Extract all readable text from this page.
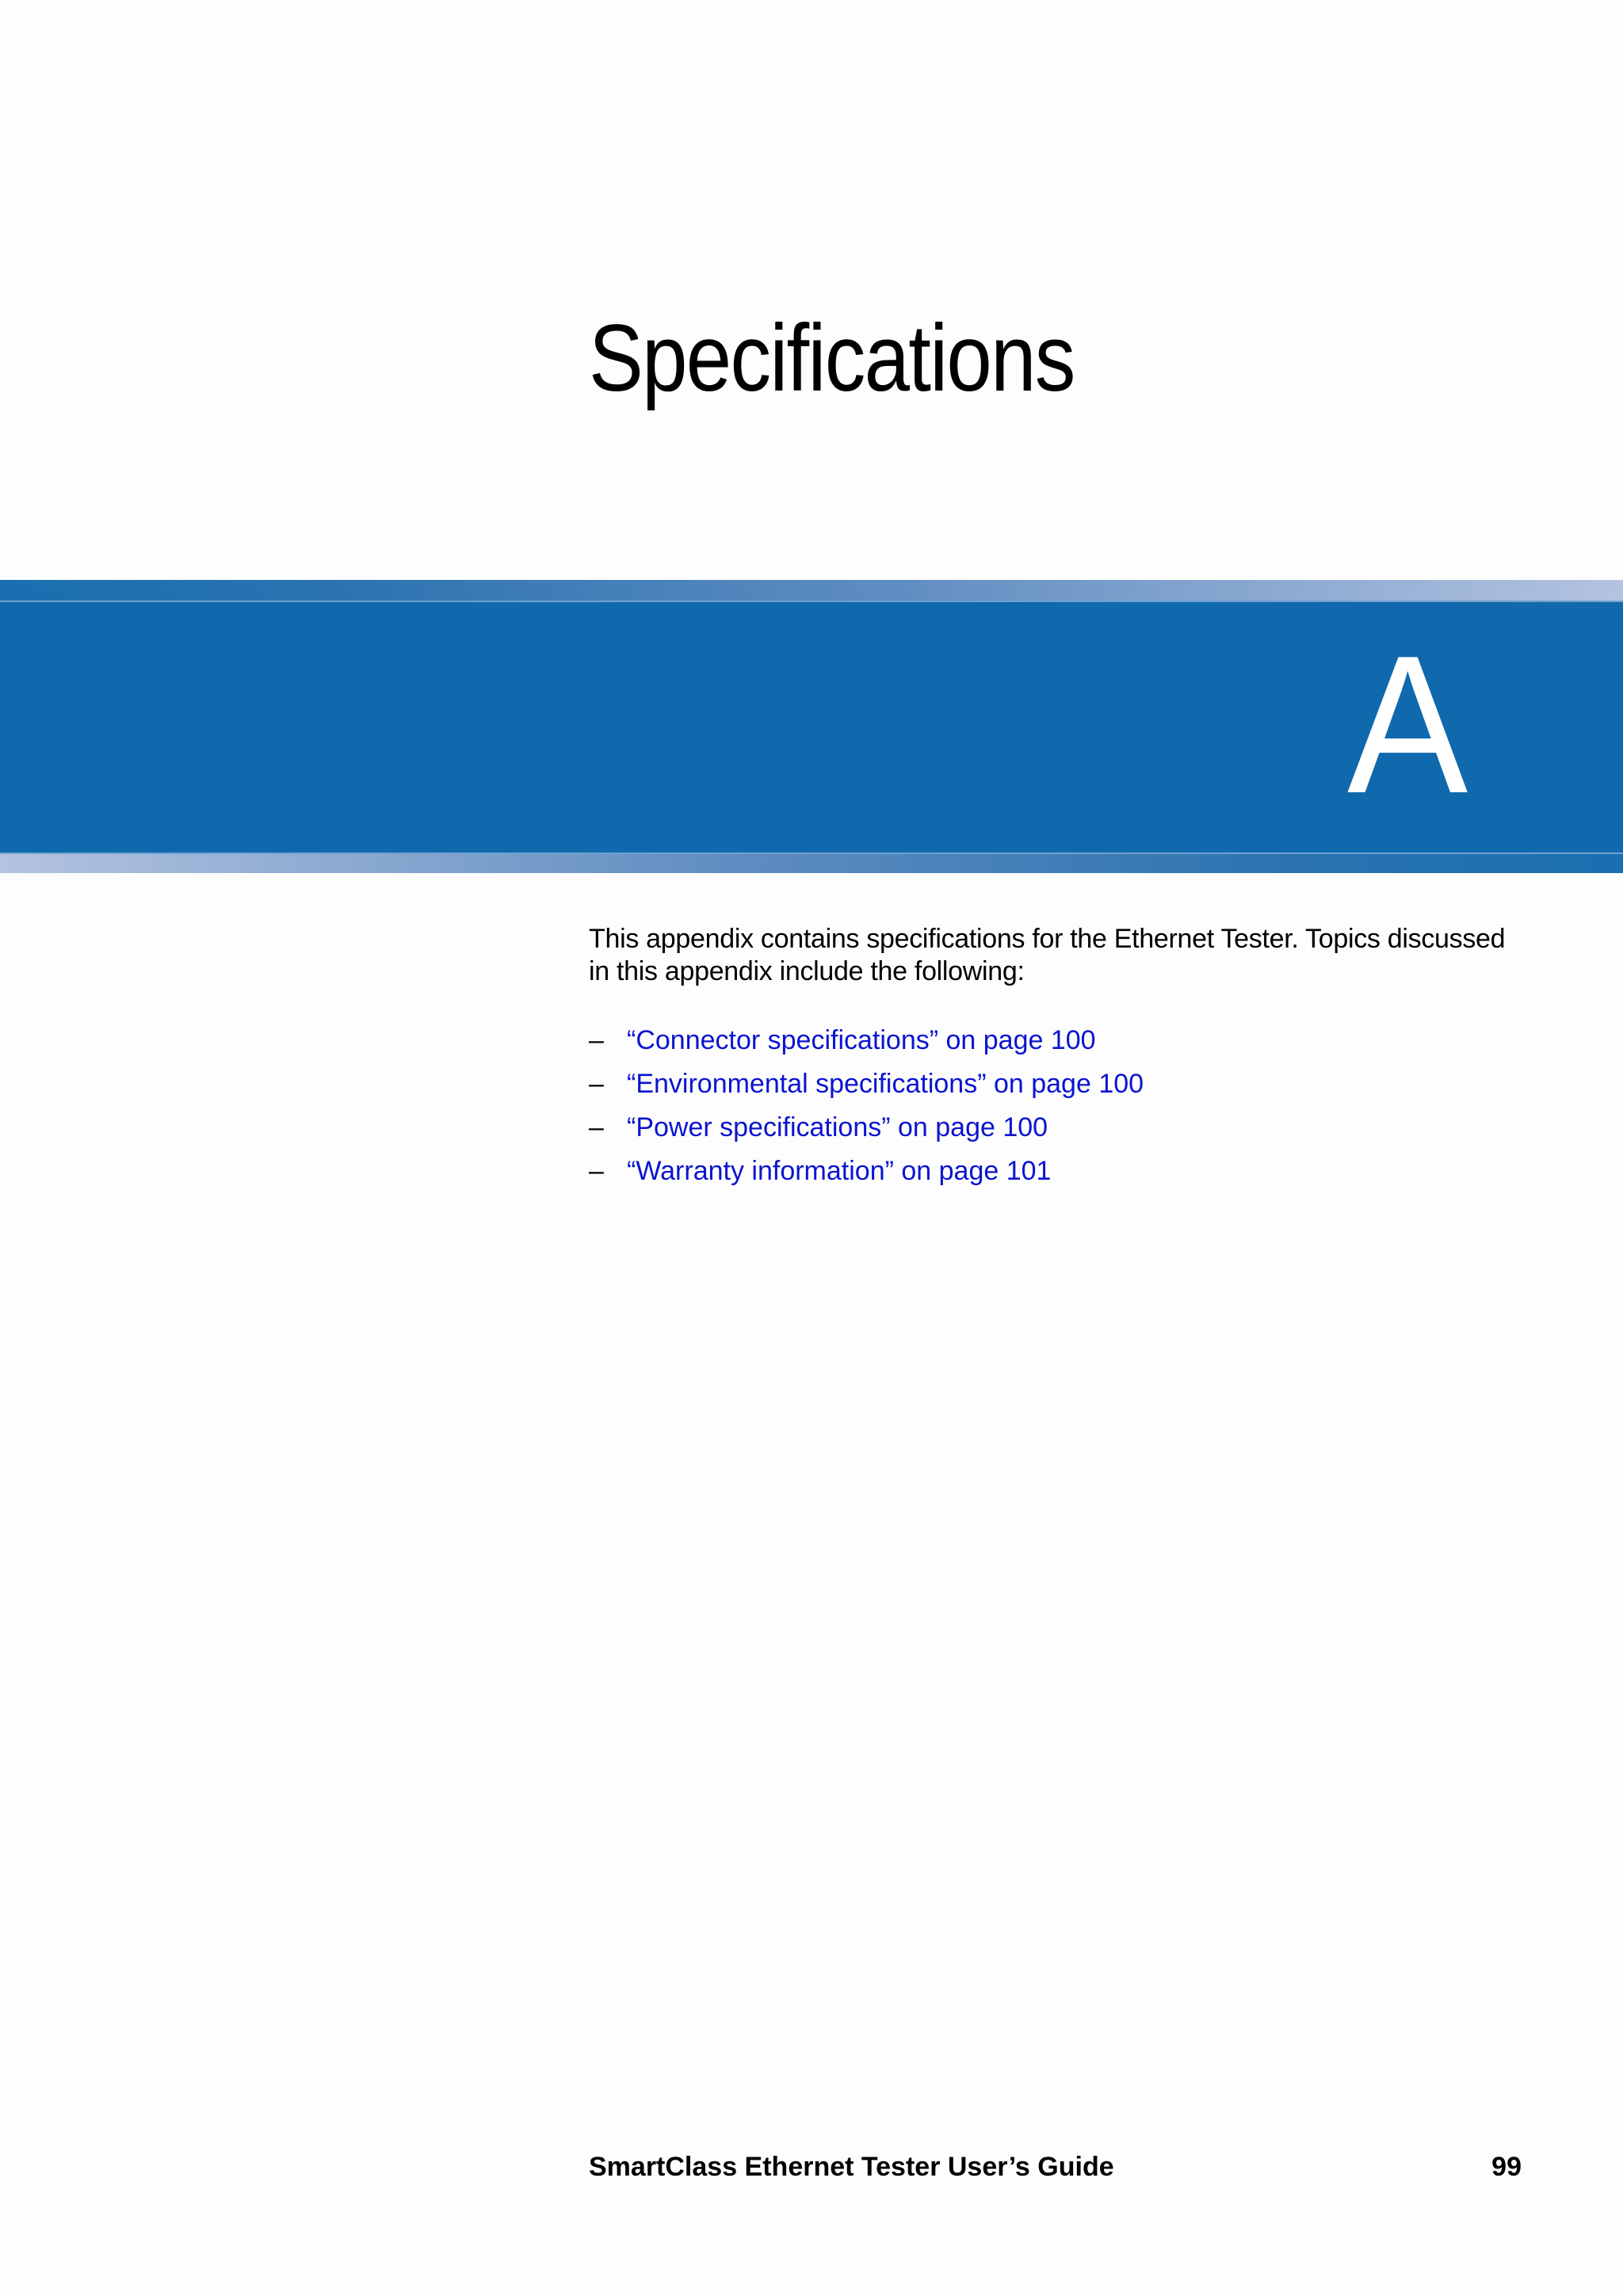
Specifications
A

This appendix contains specifications for the Ethernet Tester. Topics discussed in this appendix include the following:

– “Connector specifications” on page 100
– “Environmental specifications” on page 100
– “Power specifications” on page 100
– “Warranty information” on page 101

SmartClass Ethernet Tester User’s Guide	99
